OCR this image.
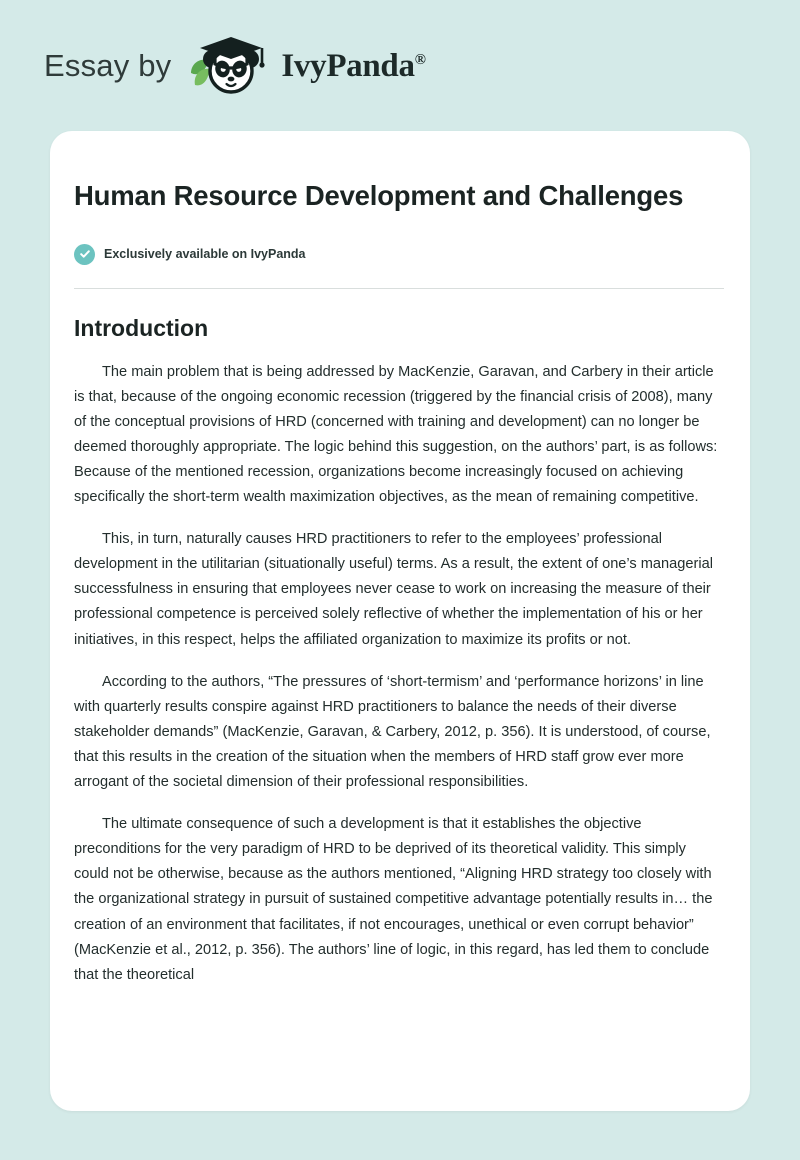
Essay by	IvyPanda®
Human Resource Development and Challenges
Exclusively available on IvyPanda
Introduction

The main problem that is being addressed by MacKenzie, Garavan, and Carbery in their article is that, because of the ongoing economic recession (triggered by the financial crisis of 2008), many of the conceptual provisions of HRD (concerned with training and development) can no longer be deemed thoroughly appropriate. The logic behind this suggestion, on the authors’ part, is as follows: Because of the mentioned recession, organizations become increasingly focused on achieving specifically the short-term wealth maximization objectives, as the mean of remaining competitive.

This, in turn, naturally causes HRD practitioners to refer to the employees’ professional development in the utilitarian (situationally useful) terms. As a result, the extent of one’s managerial successfulness in ensuring that employees never cease to work on increasing the measure of their professional competence is perceived solely reflective of whether the implementation of his or her initiatives, in this respect, helps the affiliated organization to maximize its profits or not.

According to the authors, “The pressures of ‘short-termism’ and ‘performance horizons’ in line with quarterly results conspire against HRD practitioners to balance the needs of their diverse stakeholder demands” (MacKenzie, Garavan, & Carbery, 2012, p. 356). It is understood, of course, that this results in the creation of the situation when the members of HRD staff grow ever more arrogant of the societal dimension of their professional responsibilities.

The ultimate consequence of such a development is that it establishes the objective preconditions for the very paradigm of HRD to be deprived of its theoretical validity. This simply could not be otherwise, because as the authors mentioned, “Aligning HRD strategy too closely with the organizational strategy in pursuit of sustained competitive advantage potentially results in… the creation of an environment that facilitates, if not encourages, unethical or even corrupt behavior” (MacKenzie et al., 2012, p. 356). The authors’ line of logic, in this regard, has led them to conclude that the theoretical
